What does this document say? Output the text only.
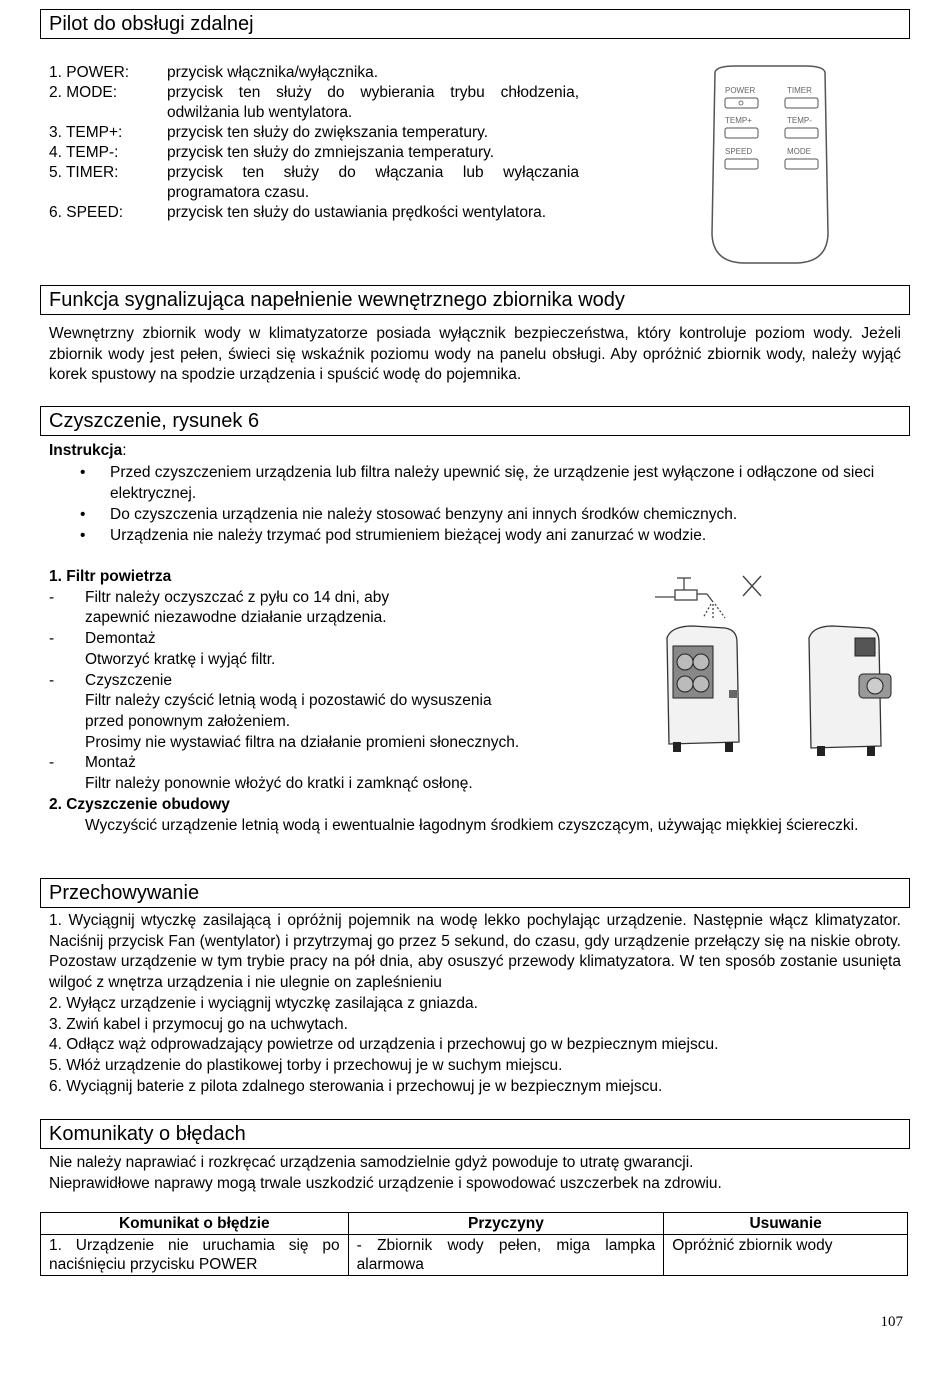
Pilot do obsługi zdalnej
1. POWER:	przycisk włącznika/wyłącznika.
2. MODE:	przycisk ten służy do wybierania trybu chłodzenia, odwilżania lub wentylatora.
3. TEMP+:	przycisk ten służy do zwiększania temperatury.
4. TEMP-:	przycisk ten służy do zmniejszania temperatury.
5. TIMER:	przycisk ten służy do włączania lub wyłączania programatora czasu.
6. SPEED:	przycisk ten służy do ustawiania prędkości wentylatora.
POWER	TIMER
TEMP+	TEMP-
SPEED	MODE
Funkcja sygnalizująca napełnienie wewnętrznego zbiornika wody
Wewnętrzny zbiornik wody w klimatyzatorze posiada wyłącznik bezpieczeństwa, który kontroluje poziom wody. Jeżeli zbiornik wody jest pełen, świeci się wskaźnik poziomu wody na panelu obsługi. Aby opróżnić zbiornik wody, należy wyjąć korek spustowy na spodzie urządzenia i spuścić wodę do pojemnika.
Czyszczenie, rysunek 6
Instrukcja:
• Przed czyszczeniem urządzenia lub filtra należy upewnić się, że urządzenie jest wyłączone i odłączone od sieci elektrycznej.
• Do czyszczenia urządzenia nie należy stosować benzyny ani innych środków chemicznych.
• Urządzenia nie należy trzymać pod strumieniem bieżącej wody ani zanurzać w wodzie.
1. Filtr powietrza
-	Filtr należy oczyszczać z pyłu co 14 dni, aby
zapewnić niezawodne działanie urządzenia.
-	Demontaż
Otworzyć kratkę i wyjąć filtr.
-	Czyszczenie
Filtr należy czyścić letnią wodą i pozostawić do wysuszenia
przed ponownym założeniem.
Prosimy nie wystawiać filtra na działanie promieni słonecznych.
-	Montaż
Filtr należy ponownie włożyć do kratki i zamknąć osłonę.
2. Czyszczenie obudowy
Wyczyścić urządzenie letnią wodą i ewentualnie łagodnym środkiem czyszczącym, używając miękkiej ściereczki.
Przechowywanie
1. Wyciągnij wtyczkę zasilającą i opróżnij pojemnik na wodę lekko pochylając urządzenie. Następnie włącz klimatyzator. Naciśnij przycisk Fan (wentylator) i przytrzymaj go przez 5 sekund, do czasu, gdy urządzenie przełączy się na niskie obroty. Pozostaw urządzenie w tym trybie pracy na pół dnia, aby osuszyć przewody klimatyzatora. W ten sposób zostanie usunięta wilgoć z wnętrza urządzenia i nie ulegnie on zapleśnieniu
2. Wyłącz urządzenie i wyciągnij wtyczkę zasilająca z gniazda.
3. Zwiń kabel i przymocuj go na uchwytach.
4. Odłącz wąż odprowadzający powietrze od urządzenia i przechowuj go w bezpiecznym miejscu.
5. Włóż urządzenie do plastikowej torby i przechowuj je w suchym miejscu.
6. Wyciągnij baterie z pilota zdalnego sterowania i przechowuj je w bezpiecznym miejscu.
Komunikaty o błędach
Nie należy naprawiać i rozkręcać urządzenia samodzielnie gdyż powoduje to utratę gwarancji.
Nieprawidłowe naprawy mogą trwale uszkodzić urządzenie i spowodować uszczerbek na zdrowiu.
Komunikat o błędzie	Przyczyny	Usuwanie
1. Urządzenie nie uruchamia się po naciśnięciu przycisku POWER	- Zbiornik wody pełen, miga lampka alarmowa	Opróżnić zbiornik wody
107
